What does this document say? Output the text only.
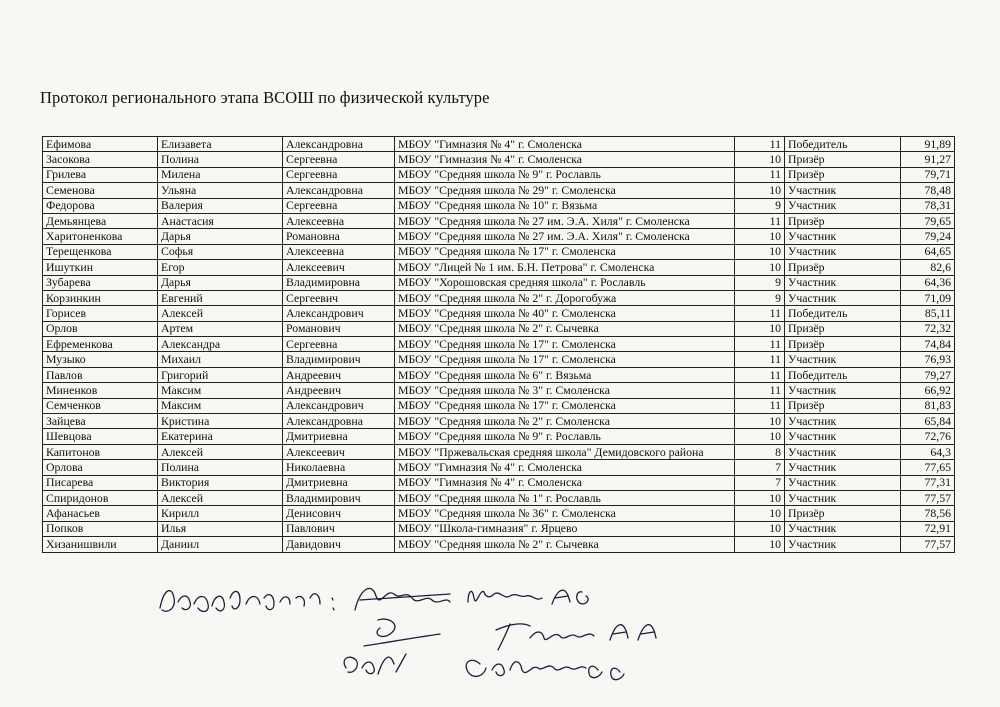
Протокол регионального этапа ВСОШ по физической культуре
Ефимова	Елизавета	Александровна	МБОУ "Гимназия № 4" г. Смоленска	11	Победитель	91,89
Засокова	Полина	Сергеевна	МБОУ "Гимназия № 4" г. Смоленска	10	Призёр	91,27
Грилева	Милена	Сергеевна	МБОУ "Средняя школа № 9" г. Рославль	11	Призёр	79,71
Семенова	Ульяна	Александровна	МБОУ "Средняя школа № 29" г. Смоленска	10	Участник	78,48
Федорова	Валерия	Сергеевна	МБОУ "Средняя школа № 10" г. Вязьма	9	Участник	78,31
Демьянцева	Анастасия	Алексеевна	МБОУ "Средняя школа № 27 им. Э.А. Хиля" г. Смоленска	11	Призёр	79,65
Харитоненкова	Дарья	Романовна	МБОУ "Средняя школа № 27 им. Э.А. Хиля" г. Смоленска	10	Участник	79,24
Терещенкова	Софья	Алексеевна	МБОУ "Средняя школа № 17" г. Смоленска	10	Участник	64,65
Ишуткин	Егор	Алексеевич	МБОУ "Лицей № 1 им. Б.Н. Петрова" г. Смоленска	10	Призёр	82,6
Зубарева	Дарья	Владимировна	МБОУ "Хорошовская средняя школа" г. Рославль	9	Участник	64,36
Корзинкин	Евгений	Сергеевич	МБОУ "Средняя школа № 2" г. Дорогобужа	9	Участник	71,09
Горисев	Алексей	Александрович	МБОУ "Средняя школа № 40" г. Смоленска	11	Победитель	85,11
Орлов	Артем	Романович	МБОУ "Средняя школа № 2" г. Сычевка	10	Призёр	72,32
Ефременкова	Александра	Сергеевна	МБОУ "Средняя школа № 17" г. Смоленска	11	Призёр	74,84
Музыко	Михаил	Владимирович	МБОУ "Средняя школа № 17" г. Смоленска	11	Участник	76,93
Павлов	Григорий	Андреевич	МБОУ "Средняя школа № 6" г. Вязьма	11	Победитель	79,27
Миненков	Максим	Андреевич	МБОУ "Средняя школа № 3" г. Смоленска	11	Участник	66,92
Семченков	Максим	Александрович	МБОУ "Средняя школа № 17" г. Смоленска	11	Призёр	81,83
Зайцева	Кристина	Александровна	МБОУ "Средняя школа № 2" г. Смоленска	10	Участник	65,84
Шевцова	Екатерина	Дмитриевна	МБОУ "Средняя школа № 9" г. Рославль	10	Участник	72,76
Капитонов	Алексей	Алексеевич	МБОУ "Пржевальская средняя школа" Демидовского района	8	Участник	64,3
Орлова	Полина	Николаевна	МБОУ "Гимназия № 4" г. Смоленска	7	Участник	77,65
Писарева	Виктория	Дмитриевна	МБОУ "Гимназия № 4" г. Смоленска	7	Участник	77,31
Спиридонов	Алексей	Владимирович	МБОУ "Средняя школа № 1" г. Рославль	10	Участник	77,57
Афанасьев	Кирилл	Денисович	МБОУ "Средняя школа № 36" г. Смоленска	10	Призёр	78,56
Попков	Илья	Павлович	МБОУ "Школа-гимназия" г. Ярцево	10	Участник	72,91
Хизанишвили	Даниил	Давидович	МБОУ "Средняя школа № 2" г. Сычевка	10	Участник	77,57
